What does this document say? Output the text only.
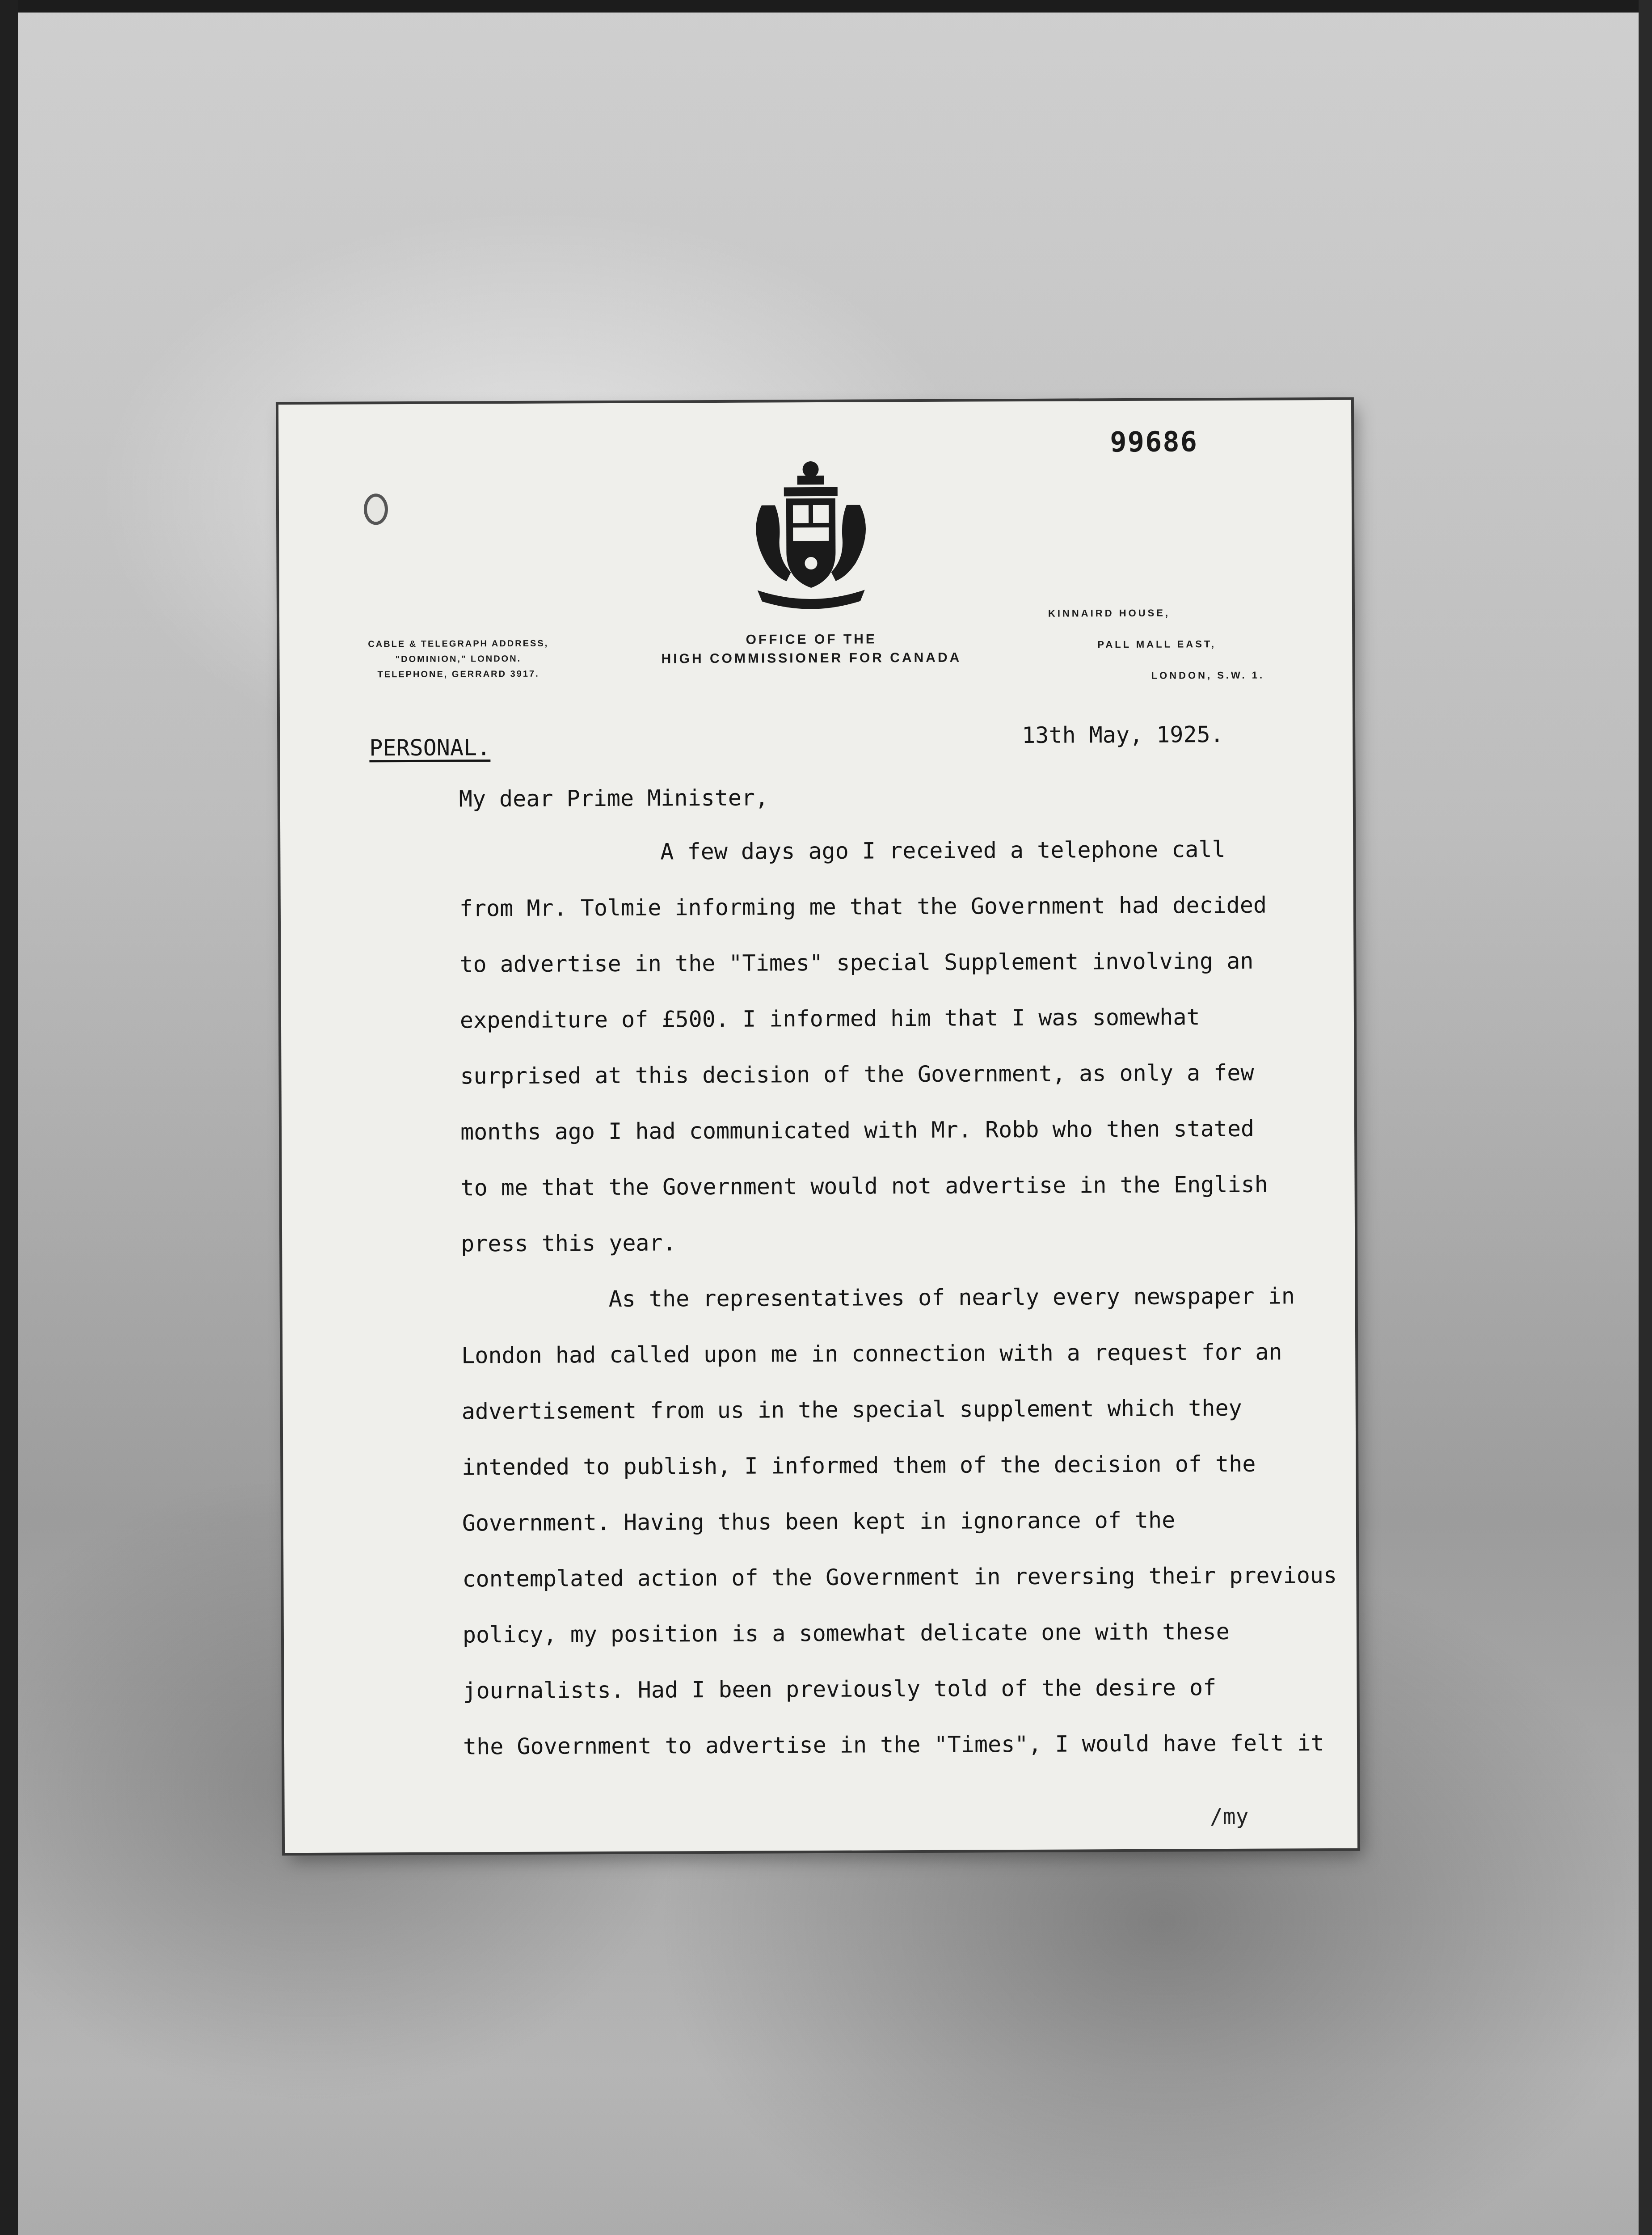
99686
CABLE & TELEGRAPH ADDRESS,
"DOMINION," LONDON.
TELEPHONE, GERRARD 3917.
OFFICE OF THE
HIGH COMMISSIONER FOR CANADA
KINNAIRD HOUSE,
PALL MALL EAST,
LONDON, S.W. 1.
PERSONAL.	13th May, 1925.
My dear Prime Minister,
A few days ago I received a telephone call
from Mr. Tolmie informing me that the Government had decided
to advertise in the "Times" special Supplement involving an
expenditure of £500. I informed him that I was somewhat
surprised at this decision of the Government, as only a few
months ago I had communicated with Mr. Robb who then stated
to me that the Government would not advertise in the English
press this year.
As the representatives of nearly every newspaper in
London had called upon me in connection with a request for an
advertisement from us in the special supplement which they
intended to publish, I informed them of the decision of the
Government. Having thus been kept in ignorance of the
contemplated action of the Government in reversing their previous
policy, my position is a somewhat delicate one with these
journalists. Had I been previously told of the desire of
the Government to advertise in the "Times", I would have felt it
/my
